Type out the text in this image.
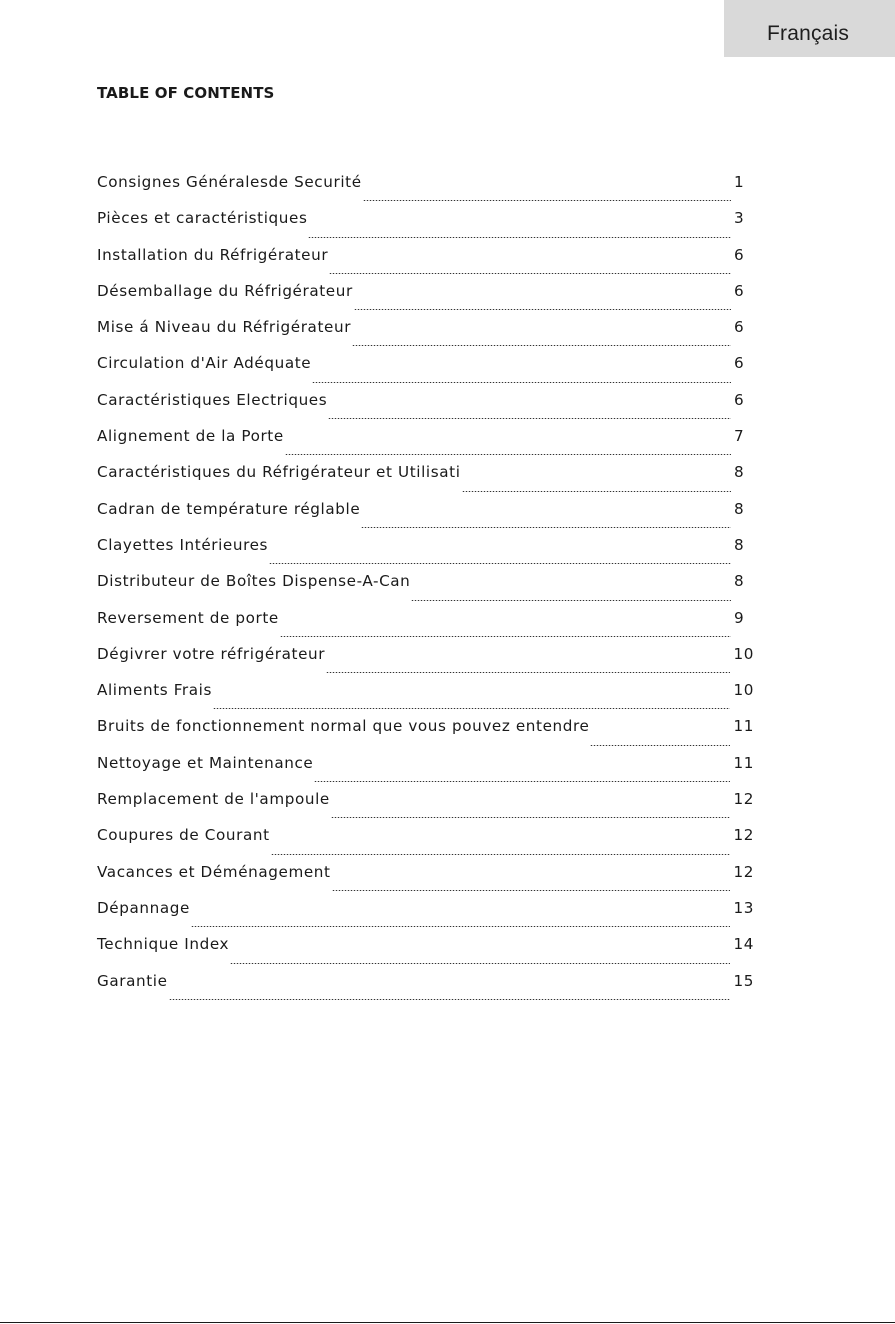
Français
TABLE OF CONTENTS
Consignes Généralesde Securité	1
Pièces et caractéristiques	3
Installation du Réfrigérateur	6
Désemballage du Réfrigérateur	6
Mise á Niveau du Réfrigérateur	6
Circulation d'Air Adéquate	6
Caractéristiques Electriques	6
Alignement de la Porte	7
Caractéristiques du Réfrigérateur et Utilisati	8
Cadran de température réglable	8
Clayettes Intérieures	8
Distributeur de Boîtes Dispense-A-Can	8
Reversement de porte	9
Dégivrer votre réfrigérateur	10
Aliments Frais	10
Bruits de fonctionnement normal que vous pouvez entendre	11
Nettoyage et Maintenance	11
Remplacement de l'ampoule	12
Coupures de Courant	12
Vacances et Déménagement	12
Dépannage	13
Technique Index	14
Garantie	15
